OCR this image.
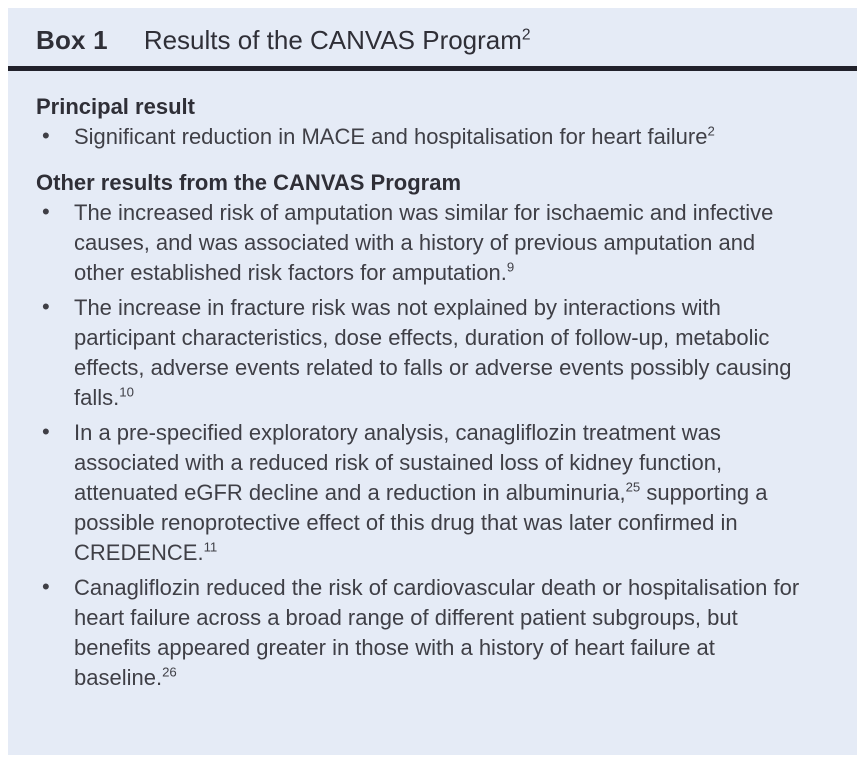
Box 1 Results of the CANVAS Program$^2$
Principal result
• Significant reduction in MACE and hospitalisation for heart failure$^2$
Other results from the CANVAS Program
• The increased risk of amputation was similar for ischaemic and infective causes, and was associated with a history of previous amputation and other established risk factors for amputation.$^9$
• The increase in fracture risk was not explained by interactions with participant characteristics, dose effects, duration of follow-up, metabolic effects, adverse events related to falls or adverse events possibly causing falls.$^{10}$
• In a pre-specified exploratory analysis, canagliflozin treatment was associated with a reduced risk of sustained loss of kidney function, attenuated eGFR decline and a reduction in albuminuria,$^{25}$ supporting a possible renoprotective effect of this drug that was later confirmed in CREDENCE.$^{11}$
• Canagliflozin reduced the risk of cardiovascular death or hospitalisation for heart failure across a broad range of different patient subgroups, but benefits appeared greater in those with a history of heart failure at baseline.$^{26}$
